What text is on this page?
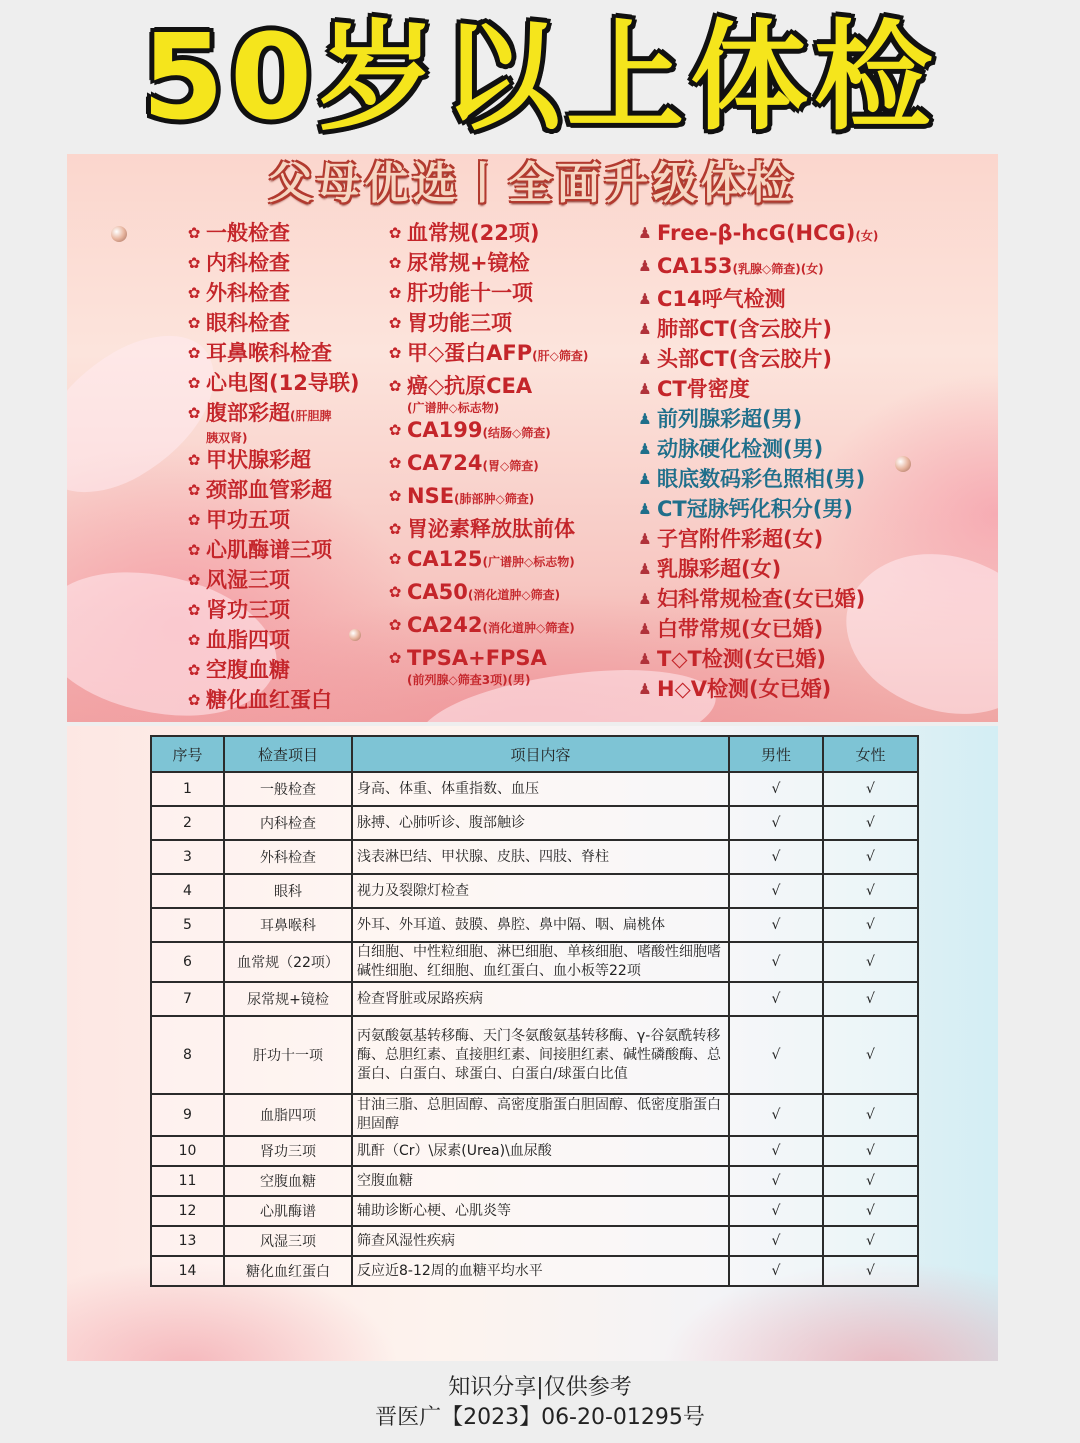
50岁以上体检
父母优选丨全面升级体检
✿ 一般检查
✿ 内科检查
✿ 外科检查
✿ 眼科检查
✿ 耳鼻喉科检查
✿ 心电图(12导联)
✿ 腹部彩超(肝胆脾
胰双肾)
✿ 甲状腺彩超
✿ 颈部血管彩超
✿ 甲功五项
✿ 心肌酶谱三项
✿ 风湿三项
✿ 肾功三项
✿ 血脂四项
✿ 空腹血糖
✿ 糖化血红蛋白
✿ 血常规(22项)
✿ 尿常规+镜检
✿ 肝功能十一项
✿ 胃功能三项
✿ 甲◇蛋白AFP(肝◇筛查)
✿ 癌◇抗原CEA
(广谱肿◇标志物)
✿ CA199(结肠◇筛查)
✿ CA724(胃◇筛查)
✿ NSE(肺部肿◇筛查)
✿ 胃泌素释放肽前体
✿ CA125(广谱肿◇标志物)
✿ CA50(消化道肿◇筛查)
✿ CA242(消化道肿◇筛查)
✿ TPSA+FPSA
(前列腺◇筛查3项)(男)
♟ Free-β-hcG(HCG)(女)
♟ CA153(乳腺◇筛查)(女)
♟ C14呼气检测
♟ 肺部CT(含云胶片)
♟ 头部CT(含云胶片)
♟ CT骨密度
♟ 前列腺彩超(男)
♟ 动脉硬化检测(男)
♟ 眼底数码彩色照相(男)
♟ CT冠脉钙化积分(男)
♟ 子宫附件彩超(女)
♟ 乳腺彩超(女)
♟ 妇科常规检查(女已婚)
♟ 白带常规(女已婚)
♟ T◇T检测(女已婚)
♟ H◇V检测(女已婚)
序号	检查项目	项目内容	男性	女性
1	一般检查	身高、体重、体重指数、血压	√	√
2	内科检查	脉搏、心肺听诊、腹部触诊	√	√
3	外科检查	浅表淋巴结、甲状腺、皮肤、四肢、脊柱	√	√
4	眼科	视力及裂隙灯检查	√	√
5	耳鼻喉科	外耳、外耳道、鼓膜、鼻腔、鼻中隔、咽、扁桃体	√	√
6	血常规（22项）	白细胞、中性粒细胞、淋巴细胞、单核细胞、嗜酸性细胞嗜碱性细胞、红细胞、血红蛋白、血小板等22项	√	√
7	尿常规+镜检	检查肾脏或尿路疾病	√	√
8	肝功十一项	丙氨酸氨基转移酶、天门冬氨酸氨基转移酶、γ-谷氨酰转移酶、总胆红素、直接胆红素、间接胆红素、碱性磷酸酶、总蛋白、白蛋白、球蛋白、白蛋白/球蛋白比值	√	√
9	血脂四项	甘油三脂、总胆固醇、高密度脂蛋白胆固醇、低密度脂蛋白胆固醇	√	√
10	肾功三项	肌酐（Cr）\尿素(Urea)\血尿酸	√	√
11	空腹血糖	空腹血糖	√	√
12	心肌酶谱	辅助诊断心梗、心肌炎等	√	√
13	风湿三项	筛查风湿性疾病	√	√
14	糖化血红蛋白	反应近8-12周的血糖平均水平	√	√
知识分享|仅供参考
晋医广【2023】06-20-01295号
